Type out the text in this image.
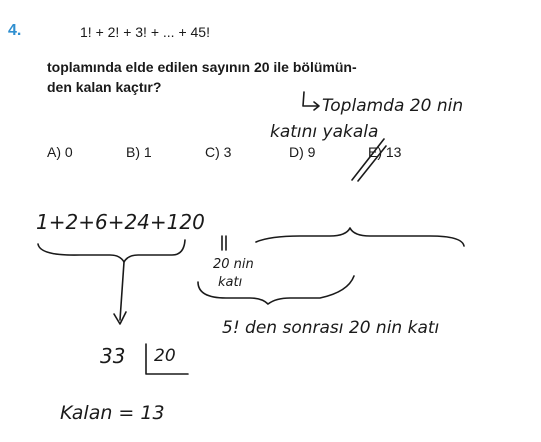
4.	1! + 2! + 3! + ... + 45!
toplamında elde edilen sayının 20 ile bölümün-
den kalan kaçtır?
A) 0	B) 1	C) 3	D) 9	E) 13
Toplamda 20 nin
katını yakala
1+2+6+24+120
20 nin
katı
5! den sonrası 20 nin katı
33 20
Kalan = 13
